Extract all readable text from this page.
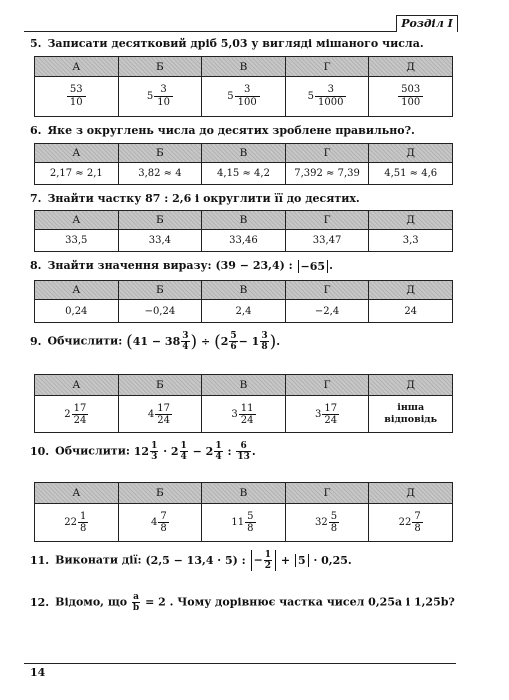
Розділ I
5. Записати десятковий дріб 5,03 у вигляді мішаного числа.
А	Б	В	Г	Д

$\frac{53}{10}$	$5 \frac{3}{10}$	$5 \frac{3}{100}$	$5 \frac{3}{1000}$	$\frac{503}{100}$
6. Яке з округлень числа до десятих зроблене правильно?.
А	Б	В	Г	Д
2,17 ≈ 2,1	3,82 ≈ 4	4,15 ≈ 4,2	7,392 ≈ 7,39	4,51 ≈ 4,6
7. Знайти частку 87 : 2,6 і округлити її до десятих.
А	Б	В	Г	Д
33,5	33,4	33,46	33,47	3,3
8. Знайти значення виразу: (39 − 23,4) : −65 .
А	Б	В	Г	Д
0,24	−0,24	2,4	−2,4	24
9. Обчислити: ($41 - 38 \frac{3}{4}$ ) ÷ ($2 \frac{5}{6} - 1 \frac{3}{8}$ ).
А	Б	В	Г	Д
$2 \frac{17}{24}$	$4 \frac{17}{24}$	$3 \frac{11}{24}$	$3 \frac{17}{24}$	інша
відповідь
10. Обчислити: $12 \frac{1}{3} \cdot 2 \frac{1}{4} - 2 \frac{1}{4}$ : $\frac{6}{13}$ .
А	Б	В	Г	Д
$22 \frac{1}{8}$	$4 \frac{7}{8}$	$11 \frac{5}{8}$	$32 \frac{5}{8}$	$22 \frac{7}{8}$
11. Виконати дії: (2,5 − 13,4 · 5) : − $\frac{1}{2} + 5 \cdot 0,25$.
12. Відомо, що $\frac{a}{b} = 2$ . Чому дорівнює частка чисел 0,25a і 1,25b?
14
